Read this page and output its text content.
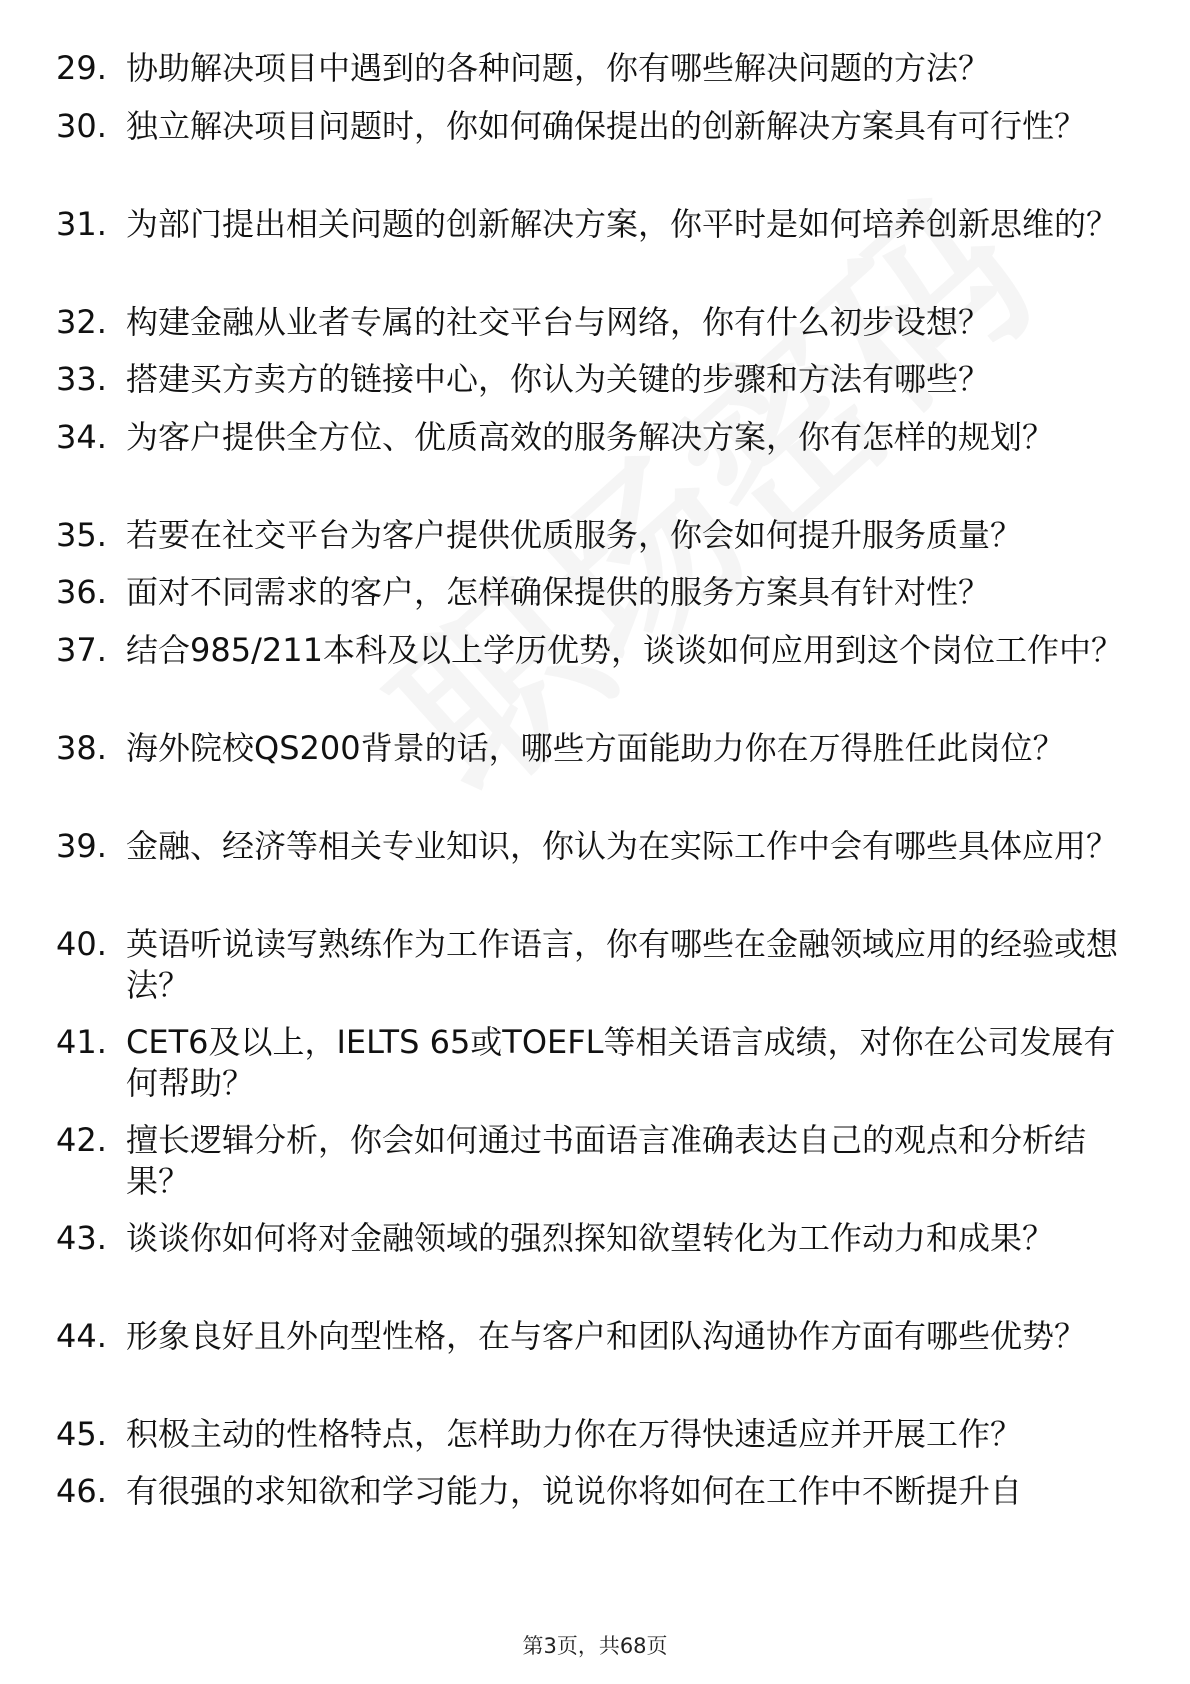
29. 协助解决项目中遇到的各种问题，你有哪些解决问题的方法？
30. 独立解决项目问题时，你如何确保提出的创新解决方案具有可行性？
31. 为部门提出相关问题的创新解决方案，你平时是如何培养创新思维的？
32. 构建金融从业者专属的社交平台与网络，你有什么初步设想？
33. 搭建买方卖方的链接中心，你认为关键的步骤和方法有哪些？
34. 为客户提供全方位、优质高效的服务解决方案，你有怎样的规划？
35. 若要在社交平台为客户提供优质服务，你会如何提升服务质量？
36. 面对不同需求的客户，怎样确保提供的服务方案具有针对性？
37. 结合985/211本科及以上学历优势，谈谈如何应用到这个岗位工作中？
38. 海外院校QS200背景的话，哪些方面能助力你在万得胜任此岗位？
39. 金融、经济等相关专业知识，你认为在实际工作中会有哪些具体应用？
40. 英语听说读写熟练作为工作语言，你有哪些在金融领域应用的经验或想法？
41. CET6及以上，IELTS 65或TOEFL等相关语言成绩，对你在公司发展有何帮助？
42. 擅长逻辑分析，你会如何通过书面语言准确表达自己的观点和分析结果？
43. 谈谈你如何将对金融领域的强烈探知欲望转化为工作动力和成果？
44. 形象良好且外向型性格，在与客户和团队沟通协作方面有哪些优势？
45. 积极主动的性格特点，怎样助力你在万得快速适应并开展工作？
46. 有很强的求知欲和学习能力，说说你将如何在工作中不断提升自
第3页，共68页
